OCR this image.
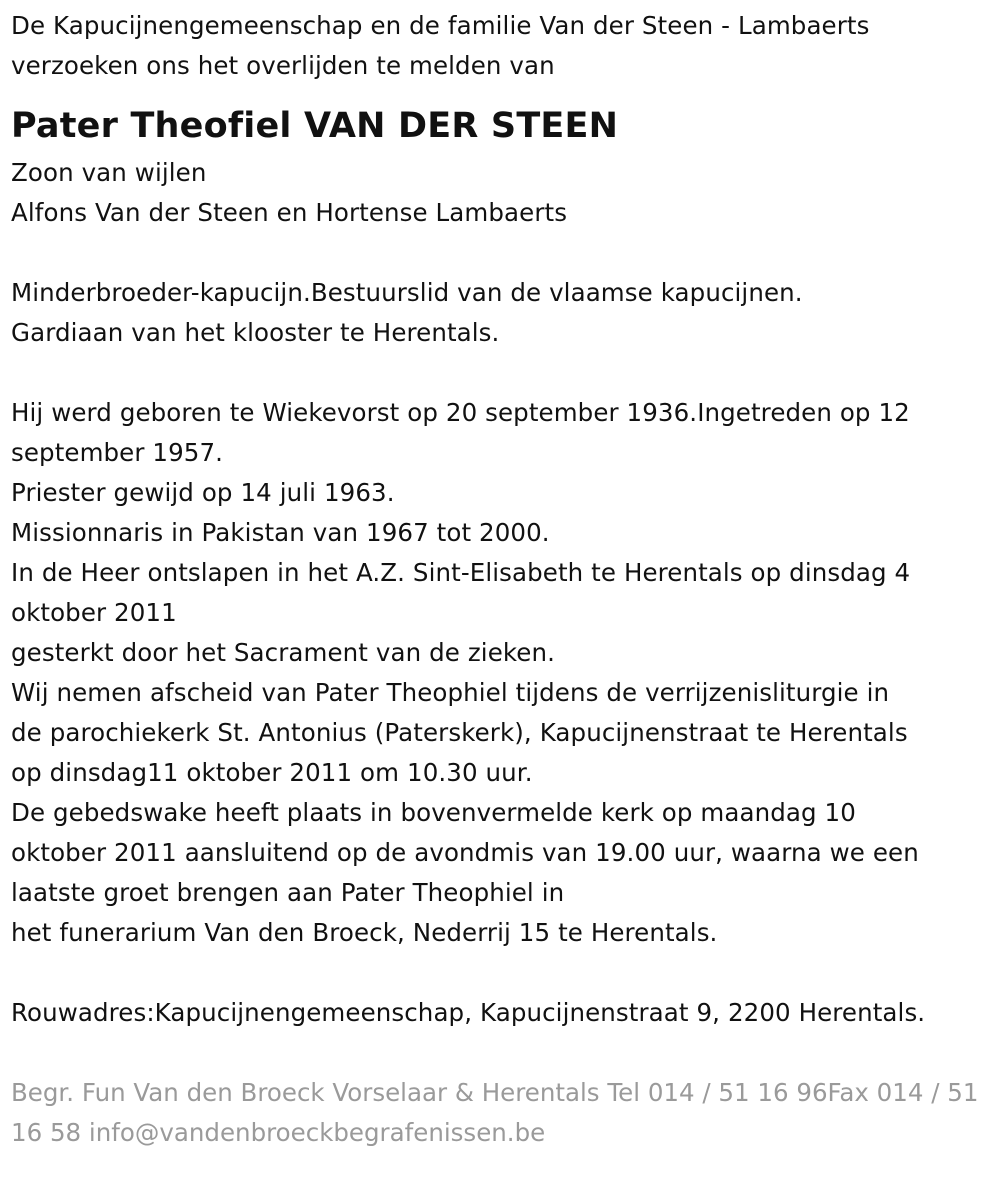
De Kapucijnengemeenschap en de familie Van der Steen - Lambaerts
verzoeken ons het overlijden te melden van
Pater Theofiel VAN DER STEEN
Zoon van wijlen
Alfons Van der Steen en Hortense Lambaerts
Minderbroeder-kapucijn.Bestuurslid van de vlaamse kapucijnen.
Gardiaan van het klooster te Herentals.
Hij werd geboren te Wiekevorst op 20 september 1936.Ingetreden op 12
september 1957.
Priester gewijd op 14 juli 1963.
Missionnaris in Pakistan van 1967 tot 2000.
In de Heer ontslapen in het A.Z. Sint-Elisabeth te Herentals op dinsdag 4
oktober 2011
gesterkt door het Sacrament van de zieken.
Wij nemen afscheid van Pater Theophiel tijdens de verrijzenisliturgie in
de parochiekerk St. Antonius (Paterskerk), Kapucijnenstraat te Herentals
op dinsdag11 oktober 2011 om 10.30 uur.
De gebedswake heeft plaats in bovenvermelde kerk op maandag 10
oktober 2011 aansluitend op de avondmis van 19.00 uur, waarna we een
laatste groet brengen aan Pater Theophiel in
het funerarium Van den Broeck, Nederrij 15 te Herentals.
Rouwadres:Kapucijnengemeenschap, Kapucijnenstraat 9, 2200 Herentals.
Begr. Fun Van den Broeck Vorselaar & Herentals Tel 014 / 51 16 96Fax 014 / 51 16 58 info@vandenbroeckbegrafenissen.be
